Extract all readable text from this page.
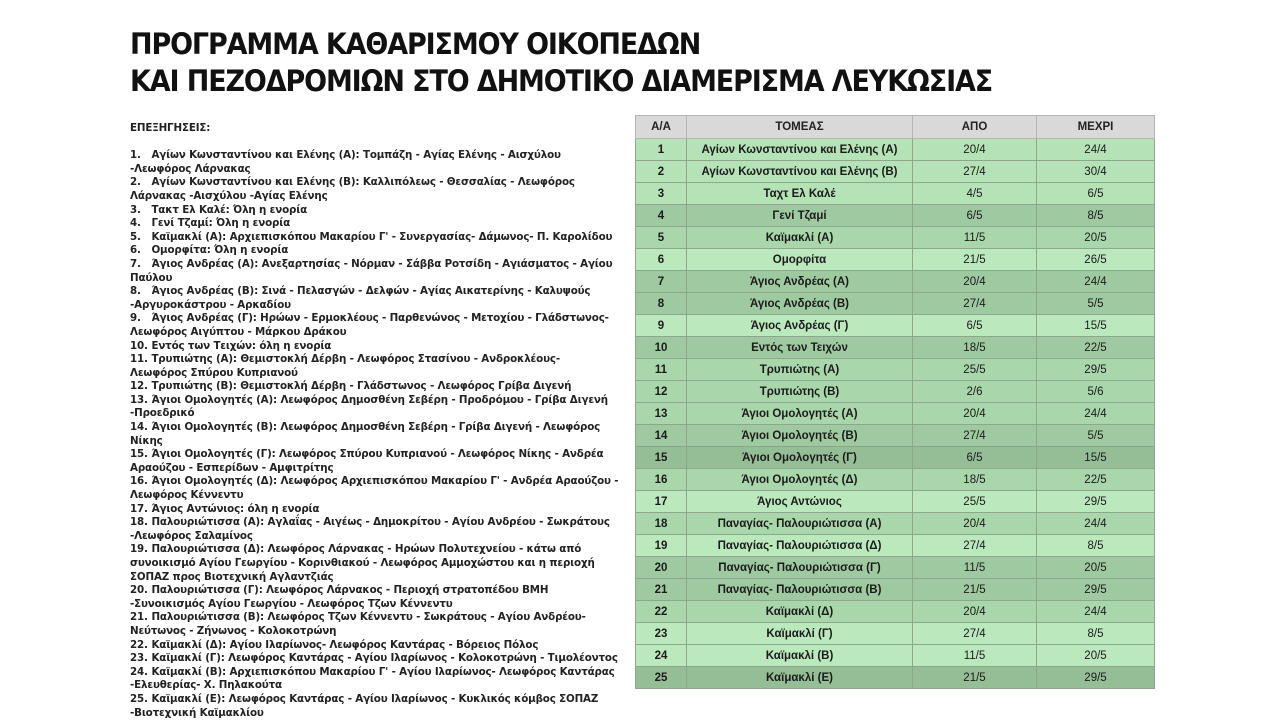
ΠΡΟΓΡΑΜΜΑ ΚΑΘΑΡΙΣΜΟΥ ΟΙΚΟΠΕΔΩΝ
ΚΑΙ ΠΕΖΟΔΡΟΜΙΩΝ ΣΤΟ ΔΗΜΟΤΙΚΟ ΔΙΑΜΕΡΙΣΜΑ ΛΕΥΚΩΣΙΑΣ
ΕΠΕΞΗΓΗΣΕΙΣ:
1. Αγίων Κωνσταντίνου και Ελένης (Α): Τομπάζη - Αγίας Ελένης - Αισχύλου -Λεωφόρος Λάρνακας
2. Αγίων Κωνσταντίνου και Ελένης (Β): Καλλιπόλεως - Θεσσαλίας - Λεωφόρος Λάρνακας -Αισχύλου -Αγίας Ελένης
3. Τακτ Ελ Καλέ: Όλη η ενορία
4. Γενί Τζαμί: Όλη η ενορία
5. Καϊμακλί (Α): Αρχιεπισκόπου Μακαρίου Γ' - Συνεργασίας- Δάμωνος- Π. Καρολίδου
6. Ομορφίτα: Όλη η ενορία
7. Άγιος Ανδρέας (Α): Ανεξαρτησίας - Νόρμαν - Σάββα Ροτσίδη - Αγιάσματος - Αγίου Παύλου
8. Άγιος Ανδρέας (Β): Σινά - Πελασγών - Δελφών - Αγίας Αικατερίνης - Καλυψούς -Αργυροκάστρου - Αρκαδίου
9. Άγιος Ανδρέας (Γ): Ηρώων - Ερμοκλέους - Παρθενώνος - Μετοχίου - Γλάδστωνος-Λεωφόρος Αιγύπτου - Μάρκου Δράκου
10. Εντός των Τειχών: όλη η ενορία
11. Τρυπιώτης (Α): Θεμιστοκλή Δέρβη - Λεωφόρος Στασίνου - Ανδροκλέους- Λεωφόρος Σπύρου Κυπριανού
12. Τρυπιώτης (Β): Θεμιστοκλή Δέρβη - Γλάδστωνος - Λεωφόρος Γρίβα Διγενή
13. Άγιοι Ομολογητές (Α): Λεωφόρος Δημοσθένη Σεβέρη - Προδρόμου - Γρίβα Διγενή -Προεδρικό
14. Άγιοι Ομολογητές (Β): Λεωφόρος Δημοσθένη Σεβέρη - Γρίβα Διγενή - Λεωφόρος Νίκης
15. Άγιοι Ομολογητές (Γ): Λεωφόρος Σπύρου Κυπριανού - Λεωφόρος Νίκης - Ανδρέα Αραούζου - Εσπερίδων - Αμφιτρίτης
16. Άγιοι Ομολογητές (Δ): Λεωφόρος Αρχιεπισκόπου Μακαρίου Γ' - Ανδρέα Αραούζου - Λεωφόρος Κέννεντυ
17. Άγιος Αντώνιος: όλη η ενορία
18. Παλουριώτισσα (Α): Αγλαΐας - Αιγέως - Δημοκρίτου - Αγίου Ανδρέου - Σωκράτους -Λεωφόρος Σαλαμίνος
19. Παλουριώτισσα (Δ): Λεωφόρος Λάρνακας - Ηρώων Πολυτεχνείου - κάτω από συνοικισμό Αγίου Γεωργίου - Κορινθιακού - Λεωφόρος Αμμοχώστου και η περιοχή ΣΟΠΑΖ προς Βιοτεχνική Αγλαντζιάς
20. Παλουριώτισσα (Γ): Λεωφόρος Λάρνακος - Περιοχή στρατοπέδου ΒΜΗ -Συνοικισμός Αγίου Γεωργίου - Λεωφόρος Τζων Κέννεντυ
21. Παλουριώτισσα (Β): Λεωφόρος Τζων Κέννεντυ - Σωκράτους - Αγίου Ανδρέου-Νεύτωνος - Ζήνωνος - Κολοκοτρώνη
22. Καϊμακλί (Δ): Αγίου Ιλαρίωνος- Λεωφόρος Καντάρας - Βόρειος Πόλος
23. Καϊμακλί (Γ): Λεωφόρος Καντάρας - Αγίου Ιλαρίωνος - Κολοκοτρώνη - Τιμολέοντος
24. Καϊμακλί (Β): Αρχιεπισκόπου Μακαρίου Γ' - Αγίου Ιλαρίωνος- Λεωφόρος Καντάρας -Ελευθερίας- Χ. Πηλακούτα
25. Καϊμακλί (Ε): Λεωφόρος Καντάρας - Αγίου Ιλαρίωνος - Κυκλικός κόμβος ΣΟΠΑΖ -Βιοτεχνική Καϊμακλίου
Α/Α	ΤΟΜΕΑΣ	ΑΠΟ	ΜΕΧΡΙ
1	Αγίων Κωνσταντίνου και Ελένης (Α)	20/4	24/4
2	Αγίων Κωνσταντίνου και Ελένης (Β)	27/4	30/4
3	Ταχτ Ελ Καλέ	4/5	6/5
4	Γενί Τζαμί	6/5	8/5
5	Καϊμακλί (Α)	11/5	20/5
6	Ομορφίτα	21/5	26/5
7	Άγιος Ανδρέας (Α)	20/4	24/4
8	Άγιος Ανδρέας (Β)	27/4	5/5
9	Άγιος Ανδρέας (Γ)	6/5	15/5
10	Εντός των Τειχών	18/5	22/5
11	Τρυπιώτης (Α)	25/5	29/5
12	Τρυπιώτης (Β)	2/6	5/6
13	Άγιοι Ομολογητές (Α)	20/4	24/4
14	Άγιοι Ομολογητές (Β)	27/4	5/5
15	Άγιοι Ομολογητές (Γ)	6/5	15/5
16	Άγιοι Ομολογητές (Δ)	18/5	22/5
17	Άγιος Αντώνιος	25/5	29/5
18	Παναγίας- Παλουριώτισσα (Α)	20/4	24/4
19	Παναγίας- Παλουριώτισσα (Δ)	27/4	8/5
20	Παναγίας- Παλουριώτισσα (Γ)	11/5	20/5
21	Παναγίας- Παλουριώτισσα (Β)	21/5	29/5
22	Καϊμακλί (Δ)	20/4	24/4
23	Καϊμακλί (Γ)	27/4	8/5
24	Καϊμακλί (Β)	11/5	20/5
25	Καϊμακλί (Ε)	21/5	29/5
